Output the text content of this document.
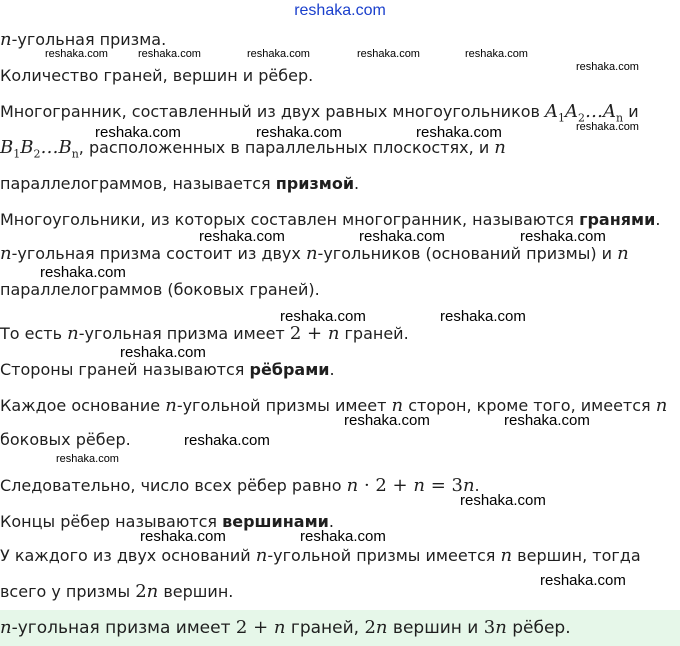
reshaka.com
reshaka.com	reshaka.com	reshaka.com	reshaka.com	reshaka.com
reshaka.com
reshaka.com
reshaka.com
reshaka.com	reshaka.com	reshaka.com
reshaka.com	reshaka.com	reshaka.com
reshaka.com
reshaka.com	reshaka.com
reshaka.com
reshaka.com	reshaka.com
reshaka.com
reshaka.com
reshaka.com	reshaka.com
reshaka.com
n-угольная призма.
Количество граней, вершин и рёбер.
Многогранник, составленный из двух равных многоугольников $A_1A_2\dots A_n$ и
$B_1B_2\dots B_n$, расположенных в параллельных плоскостях, и n
параллелограммов, называется призмой.
Многоугольники, из которых составлен многогранник, называются гранями.
n-угольная призма состоит из двух n-угольников (оснований призмы) и n
параллелограммов (боковых граней).
То есть n-угольная призма имеет 2 + n граней.
Стороны граней называются рёбрами.
Каждое основание n-угольной призмы имеет n сторон, кроме того, имеется n
боковых рёбер.
Следовательно, число всех рёбер равно n · 2 + n = 3n.
Концы рёбер называются вершинами.
У каждого из двух оснований n-угольной призмы имеется n вершин, тогда
всего у призмы 2n вершин.
n-угольная призма имеет 2 + n граней, 2n вершин и 3n рёбер.
